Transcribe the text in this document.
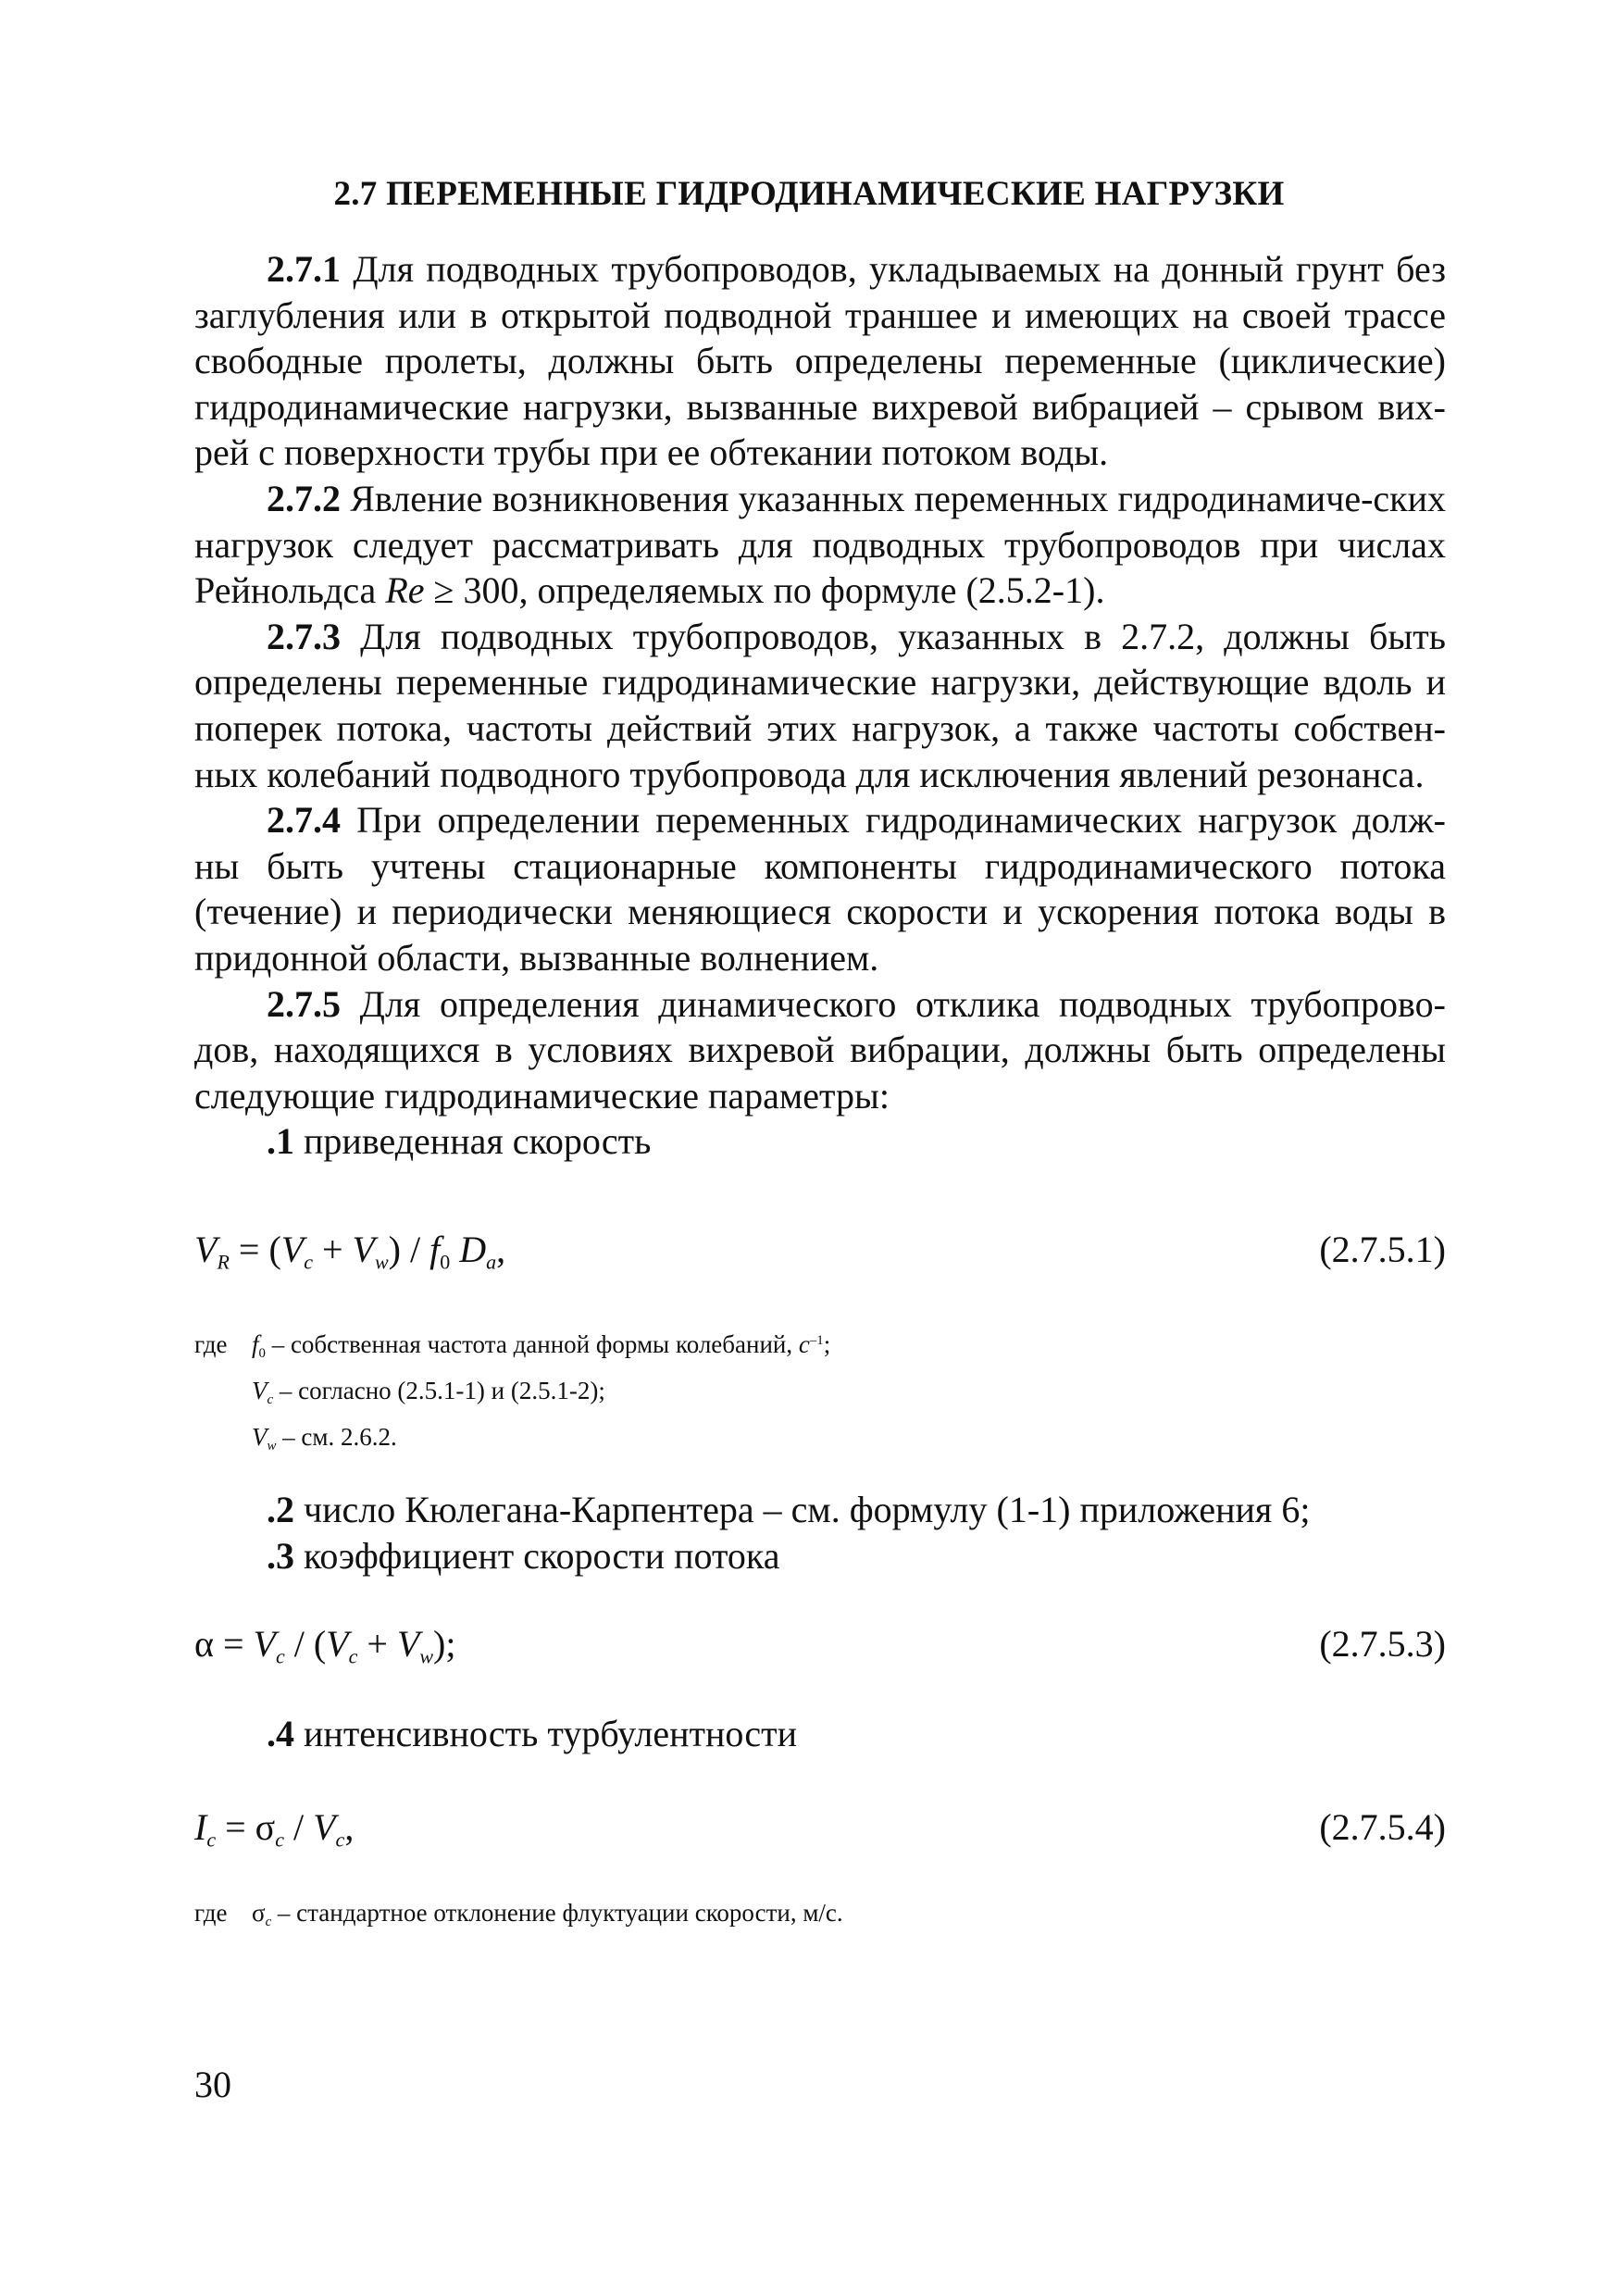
2.7 ПЕРЕМЕННЫЕ ГИДРОДИНАМИЧЕСКИЕ НАГРУЗКИ

2.7.1 Для подводных трубопроводов, укладываемых на донный грунт без заглубления или в открытой подводной траншее и имеющих на своей трассе свободные пролеты, должны быть определены переменные (циклические) гидродинамические нагрузки, вызванные вихревой вибрацией – срывом вих-рей с поверхности трубы при ее обтекании потоком воды.

2.7.2 Явление возникновения указанных переменных гидродинамиче-ских нагрузок следует рассматривать для подводных трубопроводов при числах Рейнольдса Re ≥ 300, определяемых по формуле (2.5.2-1).

2.7.3 Для подводных трубопроводов, указанных в 2.7.2, должны быть определены переменные гидродинамические нагрузки, действующие вдоль и поперек потока, частоты действий этих нагрузок, а также частоты собствен-ных колебаний подводного трубопровода для исключения явлений резонанса.

2.7.4 При определении переменных гидродинамических нагрузок долж-ны быть учтены стационарные компоненты гидродинамического потока (течение) и периодически меняющиеся скорости и ускорения потока воды в придонной области, вызванные волнением.

2.7.5 Для определения динамического отклика подводных трубопрово-дов, находящихся в условиях вихревой вибрации, должны быть определены следующие гидродинамические параметры:

.1 приведенная скорость

$V_R = (V_c + V_w) / f_0$ $D_a$,	(2.7.5.1)
где $f_0$ – собственная частота данной формы колебаний, $с^{-1}$;
$V_c$ – согласно (2.5.1-1) и (2.5.1-2);
$V_w$ – см. 2.6.2.

.2 число Кюлегана-Карпентера – см. формулу (1-1) приложения 6;

.3 коэффициент скорости потока

$\alpha = V_c / (V_c + V_w)$;	(2.7.5.3)

.4 интенсивность турбулентности

$I_c = \sigma_c / V_c$,	(2.7.5.4)
где $\sigma_c$ – стандартное отклонение флуктуации скорости, м/с.
30
